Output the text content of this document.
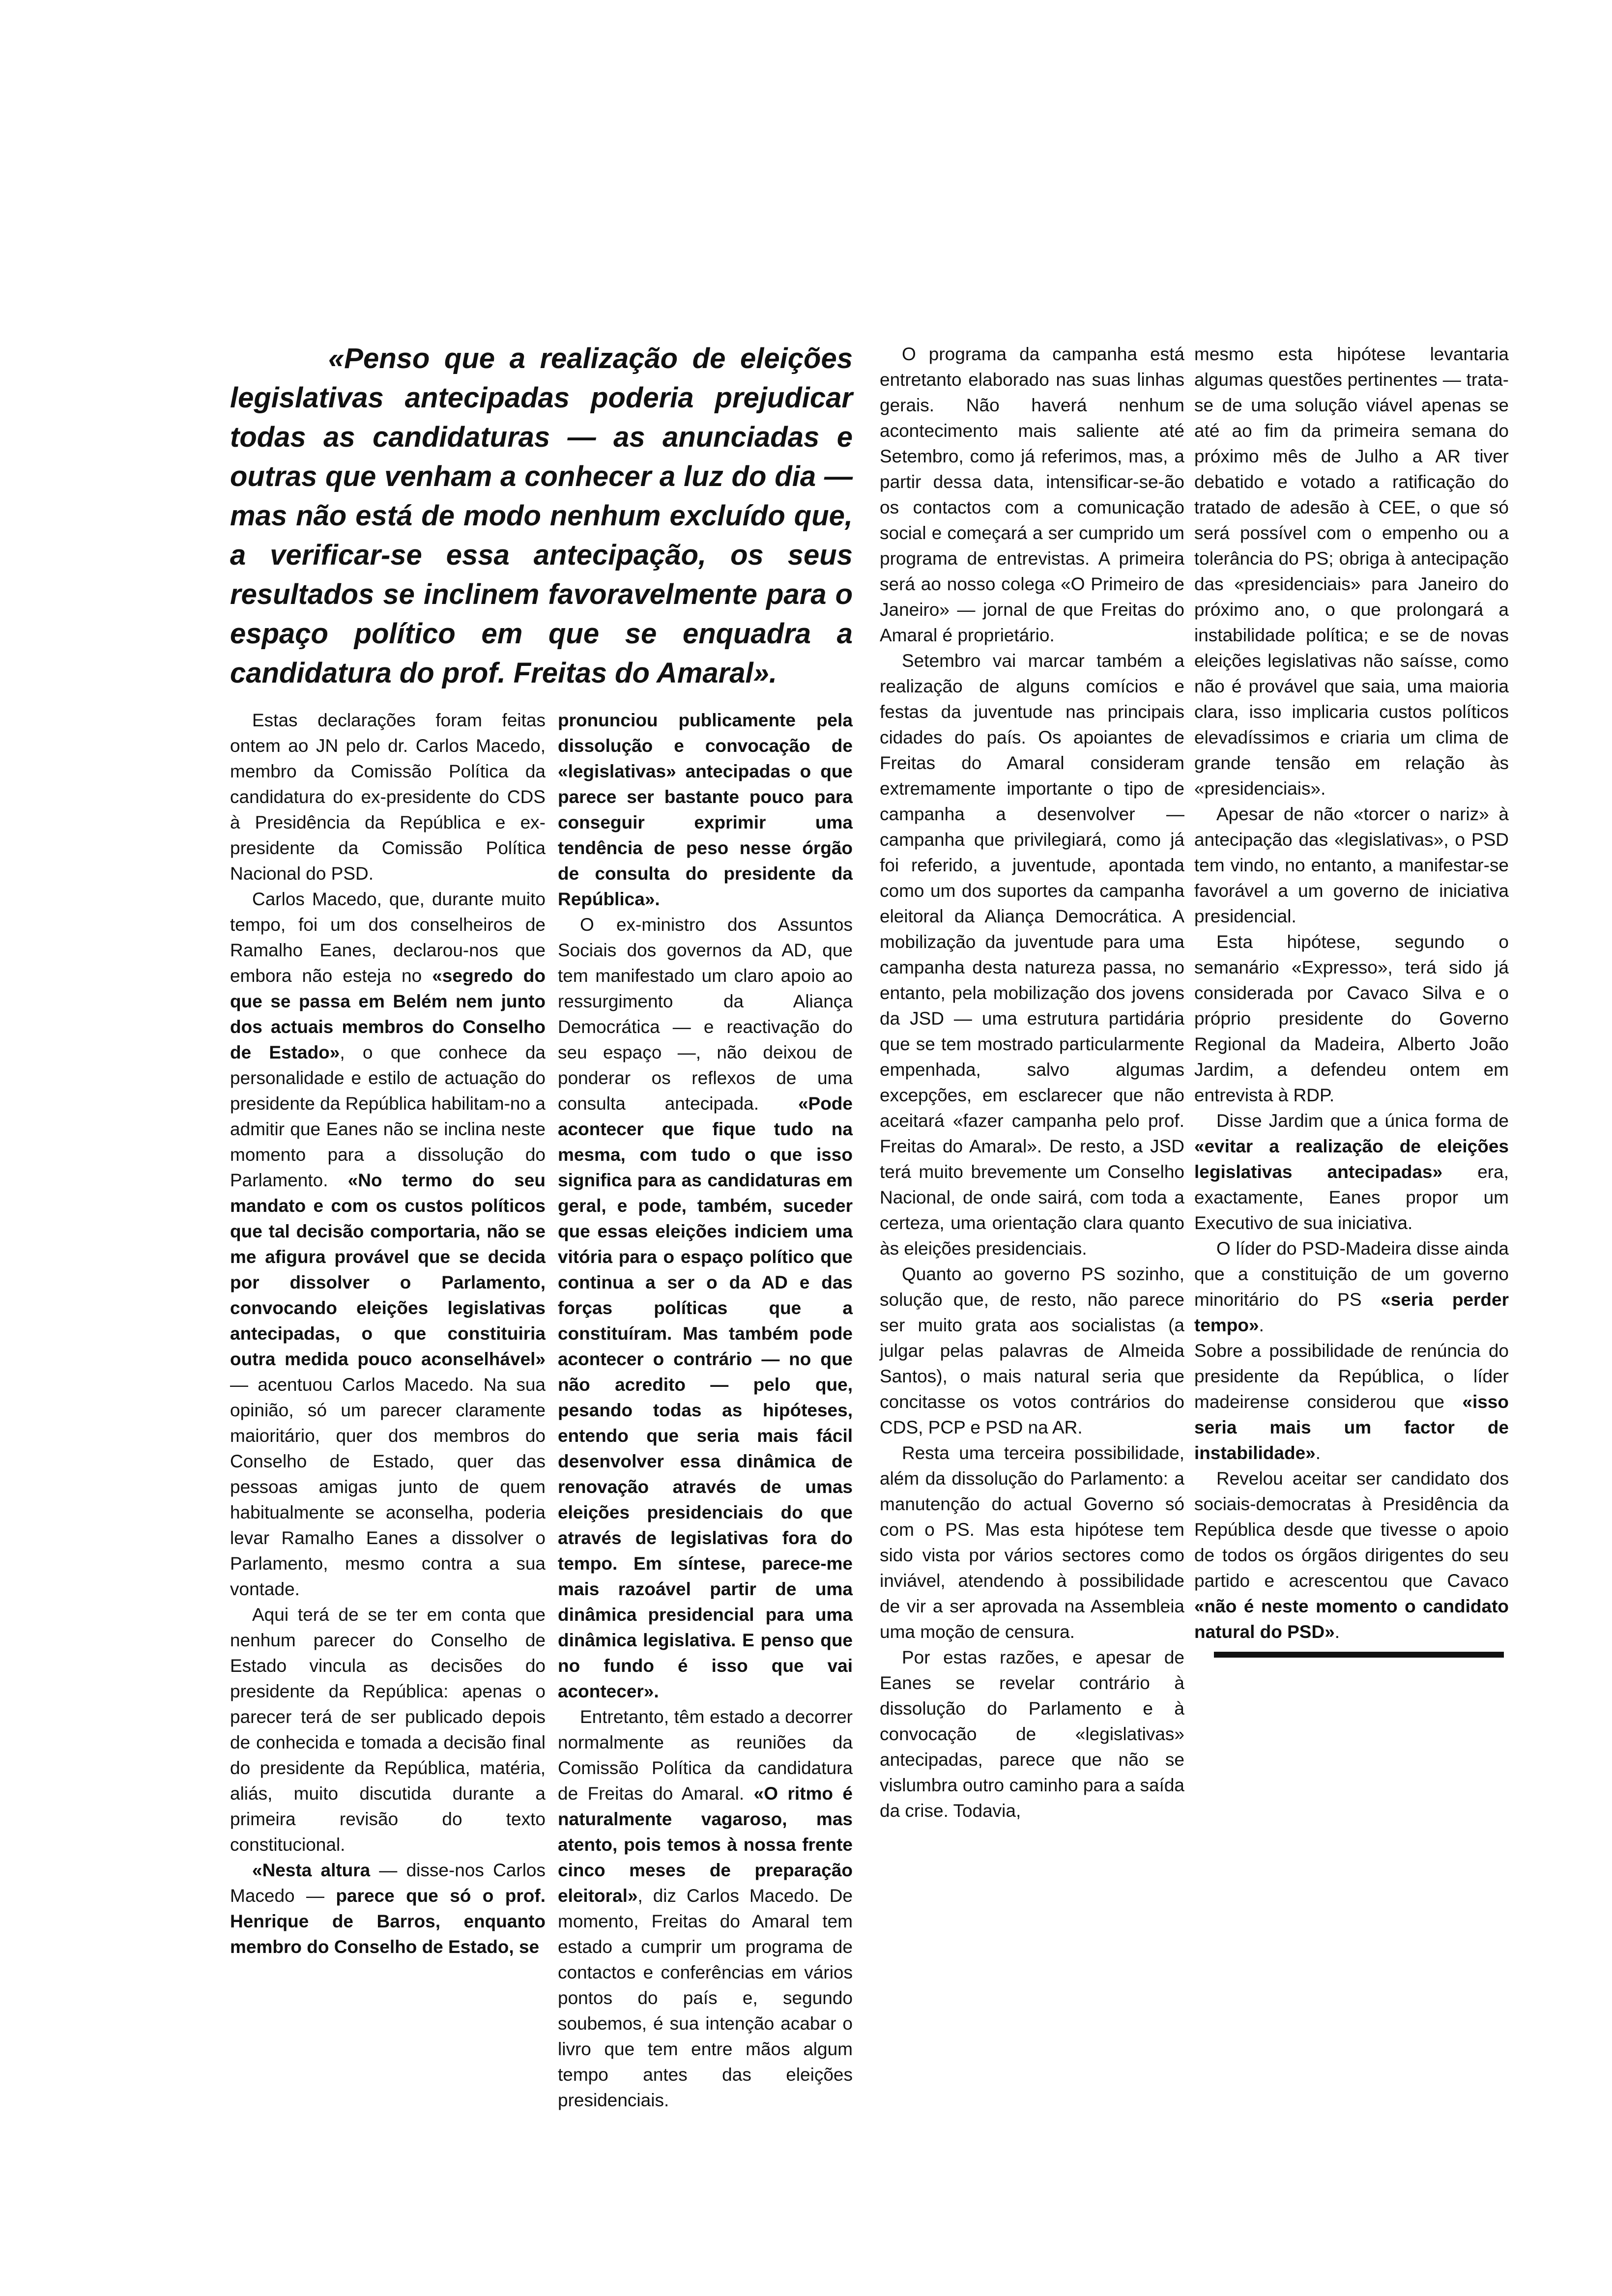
«Penso que a realização de eleições legislativas antecipadas poderia prejudicar todas as candidaturas — as anunciadas e outras que venham a conhecer a luz do dia — mas não está de modo nenhum excluído que, a verificar-se essa antecipação, os seus resultados se inclinem favoravelmente para o espaço político em que se enquadra a candidatura do prof. Freitas do Amaral».

Estas declarações foram feitas ontem ao JN pelo dr. Carlos Macedo, membro da Comissão Política da candidatura do ex-presidente do CDS à Presidência da República e ex-presidente da Comissão Política Nacional do PSD.

Carlos Macedo, que, durante muito tempo, foi um dos conselheiros de Ramalho Eanes, declarou-nos que embora não esteja no «segredo do que se passa em Belém nem junto dos actuais membros do Conselho de Estado», o que conhece da personalidade e estilo de actuação do presidente da República habilitam-no a admitir que Eanes não se inclina neste momento para a dissolução do Parlamento. «No termo do seu mandato e com os custos políticos que tal decisão comportaria, não se me afigura provável que se decida por dissolver o Parlamento, convocando eleições legislativas antecipadas, o que constituiria outra medida pouco aconselhável» — acentuou Carlos Macedo. Na sua opinião, só um parecer claramente maioritário, quer dos membros do Conselho de Estado, quer das pessoas amigas junto de quem habitualmente se aconselha, poderia levar Ramalho Eanes a dissolver o Parlamento, mesmo contra a sua vontade.

Aqui terá de se ter em conta que nenhum parecer do Conselho de Estado vincula as decisões do presidente da República: apenas o parecer terá de ser publicado depois de conhecida e tomada a decisão final do presidente da República, matéria, aliás, muito discutida durante a primeira revisão do texto constitucional.

«Nesta altura — disse-nos Carlos Macedo — parece que só o prof. Henrique de Barros, enquanto membro do Conselho de Estado, se

pronunciou publicamente pela dissolução e convocação de «legislativas» antecipadas o que parece ser bastante pouco para conseguir exprimir uma tendência de peso nesse órgão de consulta do presidente da República».

O ex-ministro dos Assuntos Sociais dos governos da AD, que tem manifestado um claro apoio ao ressurgimento da Aliança Democrática — e reactivação do seu espaço —, não deixou de ponderar os reflexos de uma consulta antecipada. «Pode acontecer que fique tudo na mesma, com tudo o que isso significa para as candidaturas em geral, e pode, também, suceder que essas eleições indiciem uma vitória para o espaço político que continua a ser o da AD e das forças políticas que a constituíram. Mas também pode acontecer o contrário — no que não acredito — pelo que, pesando todas as hipóteses, entendo que seria mais fácil desenvolver essa dinâmica de renovação através de umas eleições presidenciais do que através de legislativas fora do tempo. Em síntese, parece-me mais razoável partir de uma dinâmica presidencial para uma dinâmica legislativa. E penso que no fundo é isso que vai acontecer».

Entretanto, têm estado a decorrer normalmente as reuniões da Comissão Política da candidatura de Freitas do Amaral. «O ritmo é naturalmente vagaroso, mas atento, pois temos à nossa frente cinco meses de preparação eleitoral», diz Carlos Macedo. De momento, Freitas do Amaral tem estado a cumprir um programa de contactos e conferências em vários pontos do país e, segundo soubemos, é sua intenção acabar o livro que tem entre mãos algum tempo antes das eleições presidenciais.

O programa da campanha está entretanto elaborado nas suas linhas gerais. Não haverá nenhum acontecimento mais saliente até Setembro, como já referimos, mas, a partir dessa data, intensificar-se-ão os contactos com a comunicação social e começará a ser cumprido um programa de entrevistas. A primeira será ao nosso colega «O Primeiro de Janeiro» — jornal de que Freitas do Amaral é proprietário.

Setembro vai marcar também a realização de alguns comícios e festas da juventude nas principais cidades do país. Os apoiantes de Freitas do Amaral consideram extremamente importante o tipo de campanha a desenvolver — campanha que privilegiará, como já foi referido, a juventude, apontada como um dos suportes da campanha eleitoral da Aliança Democrática. A mobilização da juventude para uma campanha desta natureza passa, no entanto, pela mobilização dos jovens da JSD — uma estrutura partidária que se tem mostrado particularmente empenhada, salvo algumas excepções, em esclarecer que não aceitará «fazer campanha pelo prof. Freitas do Amaral». De resto, a JSD terá muito brevemente um Conselho Nacional, de onde sairá, com toda a certeza, uma orientação clara quanto às eleições presidenciais.

Quanto ao governo PS sozinho, solução que, de resto, não parece ser muito grata aos socialistas (a julgar pelas palavras de Almeida Santos), o mais natural seria que concitasse os votos contrários do CDS, PCP e PSD na AR.

Resta uma terceira possibilidade, além da dissolução do Parlamento: a manutenção do actual Governo só com o PS. Mas esta hipótese tem sido vista por vários sectores como inviável, atendendo à possibilidade de vir a ser aprovada na Assembleia uma moção de censura.

Por estas razões, e apesar de Eanes se revelar contrário à dissolução do Parlamento e à convocação de «legislativas» antecipadas, parece que não se vislumbra outro caminho para a saída da crise. Todavia,

mesmo esta hipótese levantaria algumas questões pertinentes — trata-se de uma solução viável apenas se até ao fim da primeira semana do próximo mês de Julho a AR tiver debatido e votado a ratificação do tratado de adesão à CEE, o que só será possível com o empenho ou a tolerância do PS; obriga à antecipação das «presidenciais» para Janeiro do próximo ano, o que prolongará a instabilidade política; e se de novas eleições legislativas não saísse, como não é provável que saia, uma maioria clara, isso implicaria custos políticos elevadíssimos e criaria um clima de grande tensão em relação às «presidenciais».

Apesar de não «torcer o nariz» à antecipação das «legislativas», o PSD tem vindo, no entanto, a manifestar-se favorável a um governo de iniciativa presidencial.

Esta hipótese, segundo o semanário «Expresso», terá sido já considerada por Cavaco Silva e o próprio presidente do Governo Regional da Madeira, Alberto João Jardim, a defendeu ontem em entrevista à RDP.

Disse Jardim que a única forma de «evitar a realização de eleições legislativas antecipadas» era, exactamente, Eanes propor um Executivo de sua iniciativa.

O líder do PSD-Madeira disse ainda que a constituição de um governo minoritário do PS «seria perder tempo».

Sobre a possibilidade de renúncia do presidente da República, o líder madeirense considerou que «isso seria mais um factor de instabilidade».

Revelou aceitar ser candidato dos sociais-democratas à Presidência da República desde que tivesse o apoio de todos os órgãos dirigentes do seu partido e acrescentou que Cavaco «não é neste momento o candidato natural do PSD».
